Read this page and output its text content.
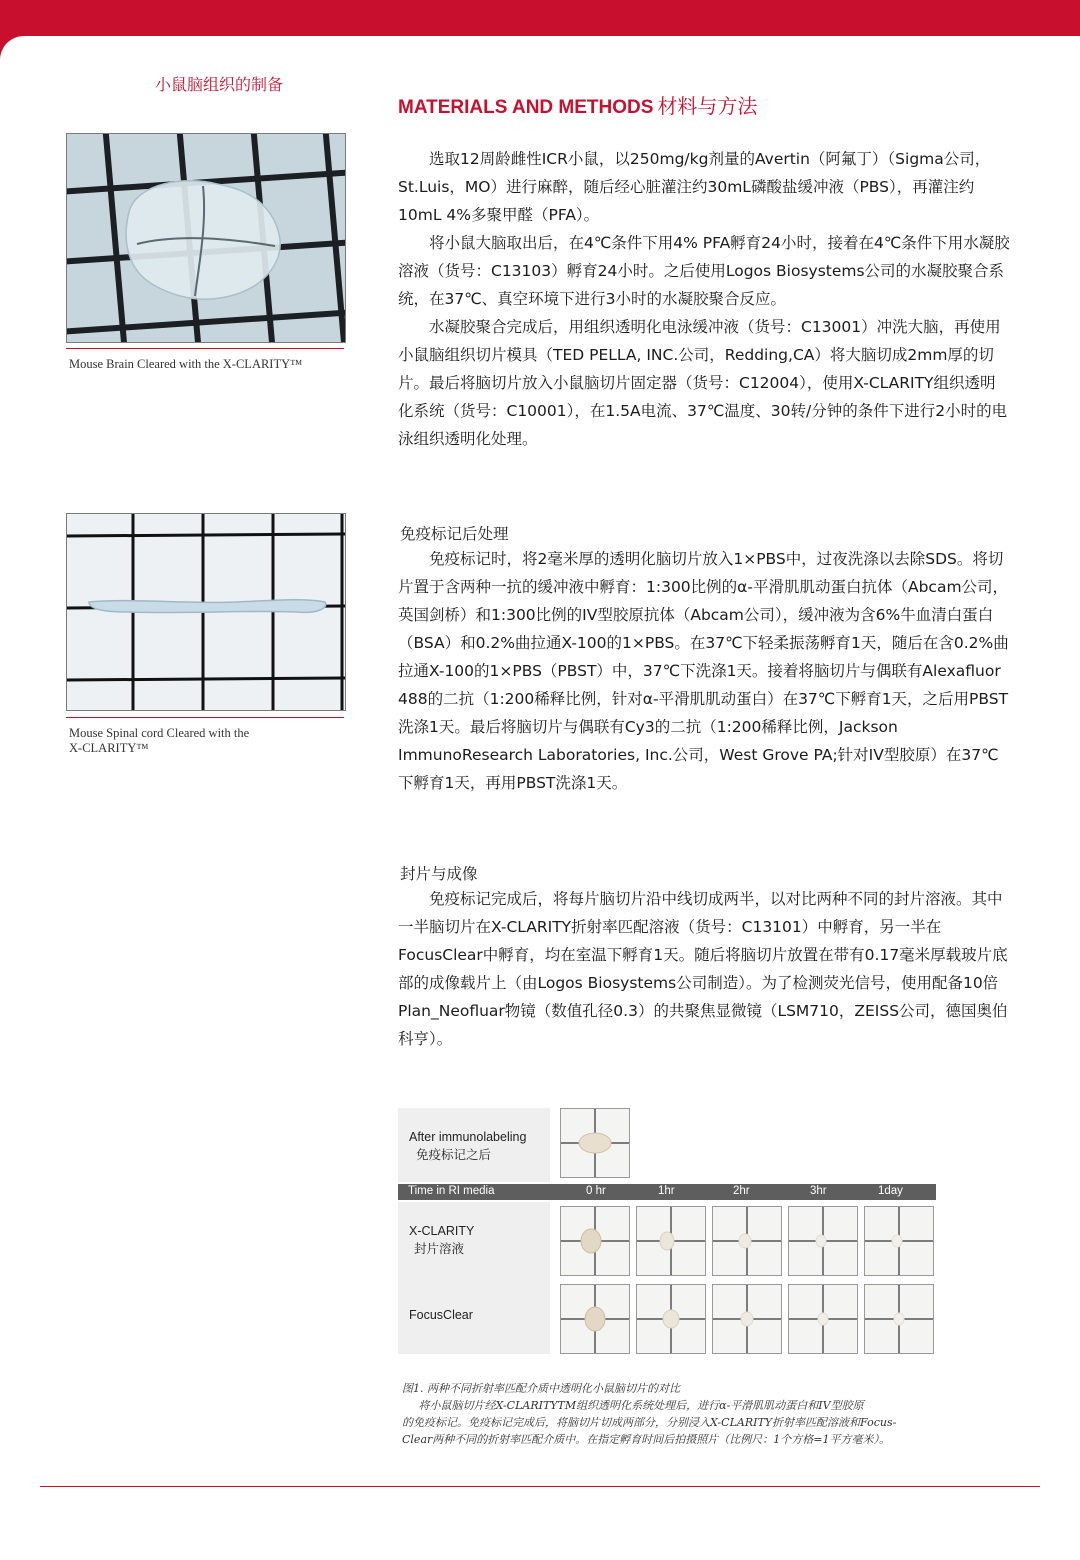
小鼠脑组织的制备
MATERIALS AND METHODS 材料与方法
Mouse Brain Cleared with the X-CLARITY™
Mouse Spinal cord Cleared with the
X-CLARITY™

选取12周龄雌性ICR小鼠，以250mg/kg剂量的Avertin（阿氟丁）（Sigma公司，St.Luis，MO）进行麻醉，随后经心脏灌注约30mL磷酸盐缓冲液（PBS），再灌注约10mL 4%多聚甲醛（PFA）。

将小鼠大脑取出后，在4℃条件下用4% PFA孵育24小时，接着在4℃条件下用水凝胶溶液（货号：C13103）孵育24小时。之后使用Logos Biosystems公司的水凝胶聚合系统，在37℃、真空环境下进行3小时的水凝胶聚合反应。

水凝胶聚合完成后，用组织透明化电泳缓冲液（货号：C13001）冲洗大脑，再使用小鼠脑组织切片模具（TED PELLA, INC.公司，Redding,CA）将大脑切成2mm厚的切片。最后将脑切片放入小鼠脑切片固定器（货号：C12004），使用X-CLARITY组织透明化系统（货号：C10001），在1.5A电流、37℃温度、30转/分钟的条件下进行2小时的电泳组织透明化处理。

免疫标记后处理

免疫标记时，将2毫米厚的透明化脑切片放入1×PBS中，过夜洗涤以去除SDS。将切片置于含两种一抗的缓冲液中孵育：1:300比例的α-平滑肌肌动蛋白抗体（Abcam公司，英国剑桥）和1:300比例的IV型胶原抗体（Abcam公司），缓冲液为含6%牛血清白蛋白（BSA）和0.2%曲拉通X-100的1×PBS。在37℃下轻柔振荡孵育1天，随后在含0.2%曲拉通X-100的1×PBS（PBST）中，37℃下洗涤1天。接着将脑切片与偶联有Alexafluor 488的二抗（1:200稀释比例，针对α-平滑肌肌动蛋白）在37℃下孵育1天，之后用PBST洗涤1天。最后将脑切片与偶联有Cy3的二抗（1:200稀释比例，Jackson ImmunoResearch Laboratories, Inc.公司，West Grove PA;针对IV型胶原）在37℃下孵育1天，再用PBST洗涤1天。

封片与成像

免疫标记完成后，将每片脑切片沿中线切成两半，以对比两种不同的封片溶液。其中一半脑切片在X-CLARITY折射率匹配溶液（货号：C13101）中孵育，另一半在FocusClear中孵育，均在室温下孵育1天。随后将脑切片放置在带有0.17毫米厚载玻片底部的成像载片上（由Logos Biosystems公司制造）。为了检测荧光信号，使用配备10倍Plan_Neofluar物镜（数值孔径0.3）的共聚焦显微镜（LSM710，ZEISS公司，德国奥伯科亨）。

After immunolabeling
免疫标记之后
Time in RI media	0 hr	1hr	2hr	3hr	1day
X-CLARITY
封片溶液
FocusClear
图1. 两种不同折射率匹配介质中透明化小鼠脑切片的对比
将小鼠脑切片经X-CLARITYTM组织透明化系统处理后，进行α-平滑肌肌动蛋白和IV型胶原
的免疫标记。免疫标记完成后，将脑切片切成两部分，分别浸入X-CLARITY折射率匹配溶液和Focus-
Clear两种不同的折射率匹配介质中。在指定孵育时间后拍摄照片（比例尺：1个方格=1平方毫米）。
